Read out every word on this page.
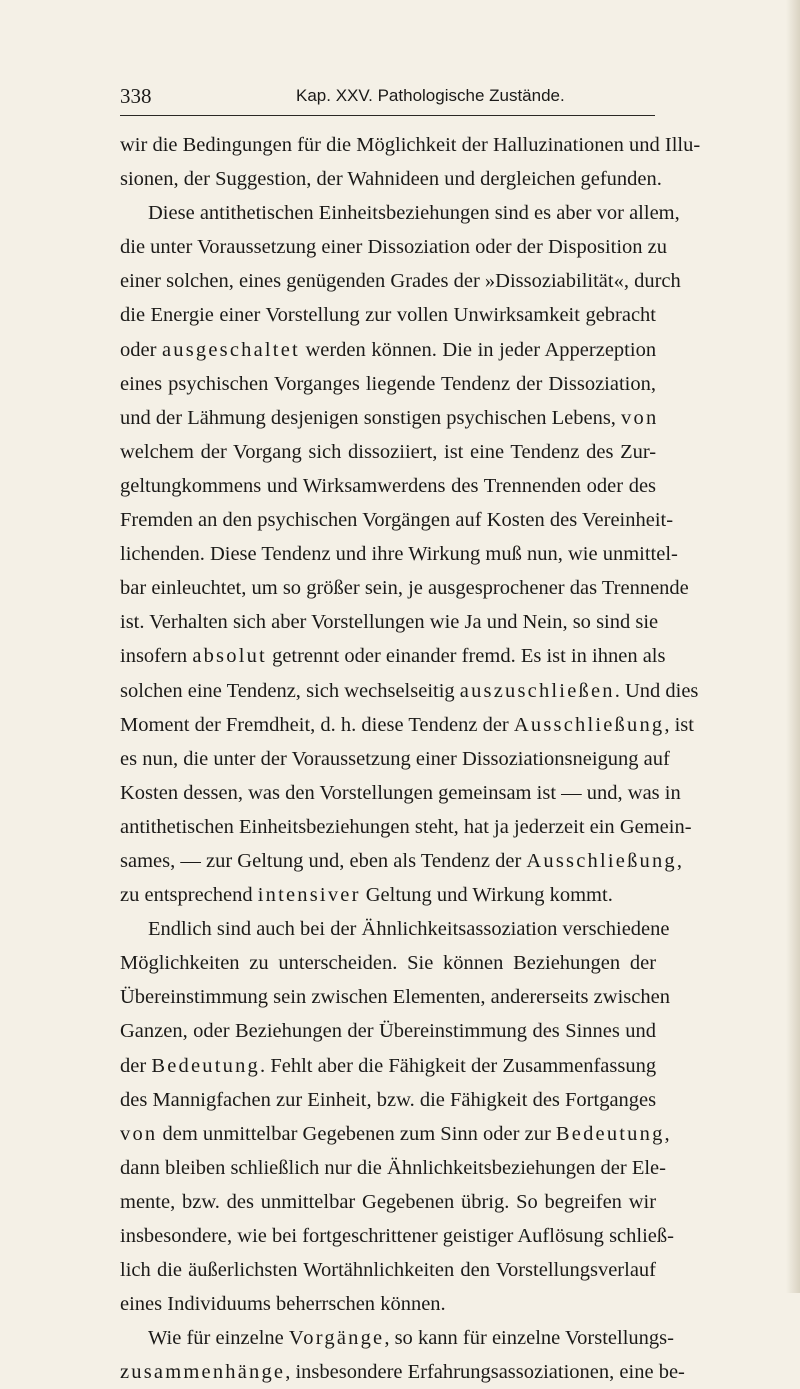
338	Kap. XXV. Pathologische Zustände.
wir die Bedingungen für die Möglichkeit der Halluzinationen und Illu-
sionen, der Suggestion, der Wahnideen und dergleichen gefunden.
Diese antithetischen Einheitsbeziehungen sind es aber vor allem,
die unter Voraussetzung einer Dissoziation oder der Disposition zu
einer solchen, eines genügenden Grades der »Dissoziabilität«, durch
die Energie einer Vorstellung zur vollen Unwirksamkeit gebracht
oder ausgeschaltet werden können. Die in jeder Apperzeption
eines psychischen Vorganges liegende Tendenz der Dissoziation,
und der Lähmung desjenigen sonstigen psychischen Lebens, von
welchem der Vorgang sich dissoziiert, ist eine Tendenz des Zur-
geltungkommens und Wirksamwerdens des Trennenden oder des
Fremden an den psychischen Vorgängen auf Kosten des Vereinheit-
lichenden. Diese Tendenz und ihre Wirkung muß nun, wie unmittel-
bar einleuchtet, um so größer sein, je ausgesprochener das Trennende
ist. Verhalten sich aber Vorstellungen wie Ja und Nein, so sind sie
insofern absolut getrennt oder einander fremd. Es ist in ihnen als
solchen eine Tendenz, sich wechselseitig auszuschließen. Und dies
Moment der Fremdheit, d. h. diese Tendenz der Ausschließung, ist
es nun, die unter der Voraussetzung einer Dissoziationsneigung auf
Kosten dessen, was den Vorstellungen gemeinsam ist — und, was in
antithetischen Einheitsbeziehungen steht, hat ja jederzeit ein Gemein-
sames, — zur Geltung und, eben als Tendenz der Ausschließung,
zu entsprechend intensiver Geltung und Wirkung kommt.
Endlich sind auch bei der Ähnlichkeitsassoziation verschiedene
Möglichkeiten zu unterscheiden. Sie können Beziehungen der
Übereinstimmung sein zwischen Elementen, andererseits zwischen
Ganzen, oder Beziehungen der Übereinstimmung des Sinnes und
der Bedeutung. Fehlt aber die Fähigkeit der Zusammenfassung
des Mannigfachen zur Einheit, bzw. die Fähigkeit des Fortganges
von dem unmittelbar Gegebenen zum Sinn oder zur Bedeutung,
dann bleiben schließlich nur die Ähnlichkeitsbeziehungen der Ele-
mente, bzw. des unmittelbar Gegebenen übrig. So begreifen wir
insbesondere, wie bei fortgeschrittener geistiger Auflösung schließ-
lich die äußerlichsten Wortähnlichkeiten den Vorstellungsverlauf
eines Individuums beherrschen können.
Wie für einzelne Vorgänge, so kann für einzelne Vorstellungs-
zusammenhänge, insbesondere Erfahrungsassoziationen, eine be-
